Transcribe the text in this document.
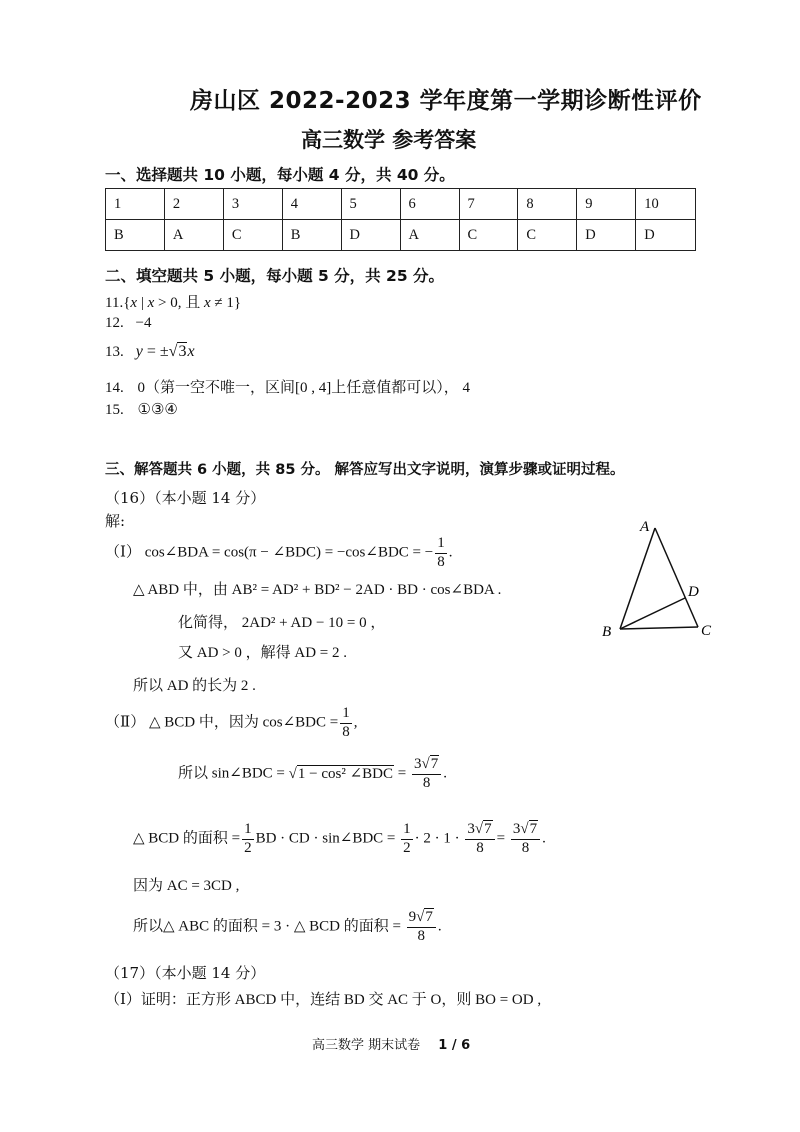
房山区 2022-2023 学年度第一学期诊断性评价
高三数学 参考答案
一、选择题共 10 小题，每小题 4 分，共 40 分。
1	2	3	4	5	6	7	8	9	10
B	A	C	B	D	A	C	C	D	D
二、填空题共 5 小题，每小题 5 分，共 25 分。
11.{x | x > 0, 且 x ≠ 1}
12. −4
13. y = ±√3x
14. 0（第一空不唯一，区间[0 , 4]上任意值都可以）， 4
15. ①③④
三、解答题共 6 小题，共 85 分。 解答应写出文字说明，演算步骤或证明过程。
（16）（本小题 14 分）
解:
（Ⅰ） cos∠BDA = cos(π − ∠BDC) = −cos∠BDC = − $\frac{1}{8}$ .
△ ABD 中，由 AB² = AD² + BD² − 2AD · BD · cos∠BDA .
化简得， 2AD² + AD − 10 = 0 ，
又 AD > 0 ，解得 AD = 2 .
所以 AD 的长为 2 .
A
B	C
D
（Ⅱ） △ BCD 中，因为 cos∠BDC = $\frac{1}{8}$ ,
所以 sin∠BDC = √1 − cos² ∠BDC = $\frac{3√7}{8}$ .
△ BCD 的面积 = $\frac{1}{2}$ BD · CD · sin∠BDC = $\frac{1}{2} \cdot 2 \cdot 1 \cdot \frac{3√7}{8} = \frac{3√7}{8}$ .
因为 AC = 3CD ,
所以△ ABC 的面积 = 3 · △ BCD 的面积 = $\frac{9√7}{8}$ .
（17）（本小题 14 分）
（Ⅰ）证明：正方形 ABCD 中，连结 BD 交 AC 于 O，则 BO = OD ,
高三数学 期末试卷 1 / 6
